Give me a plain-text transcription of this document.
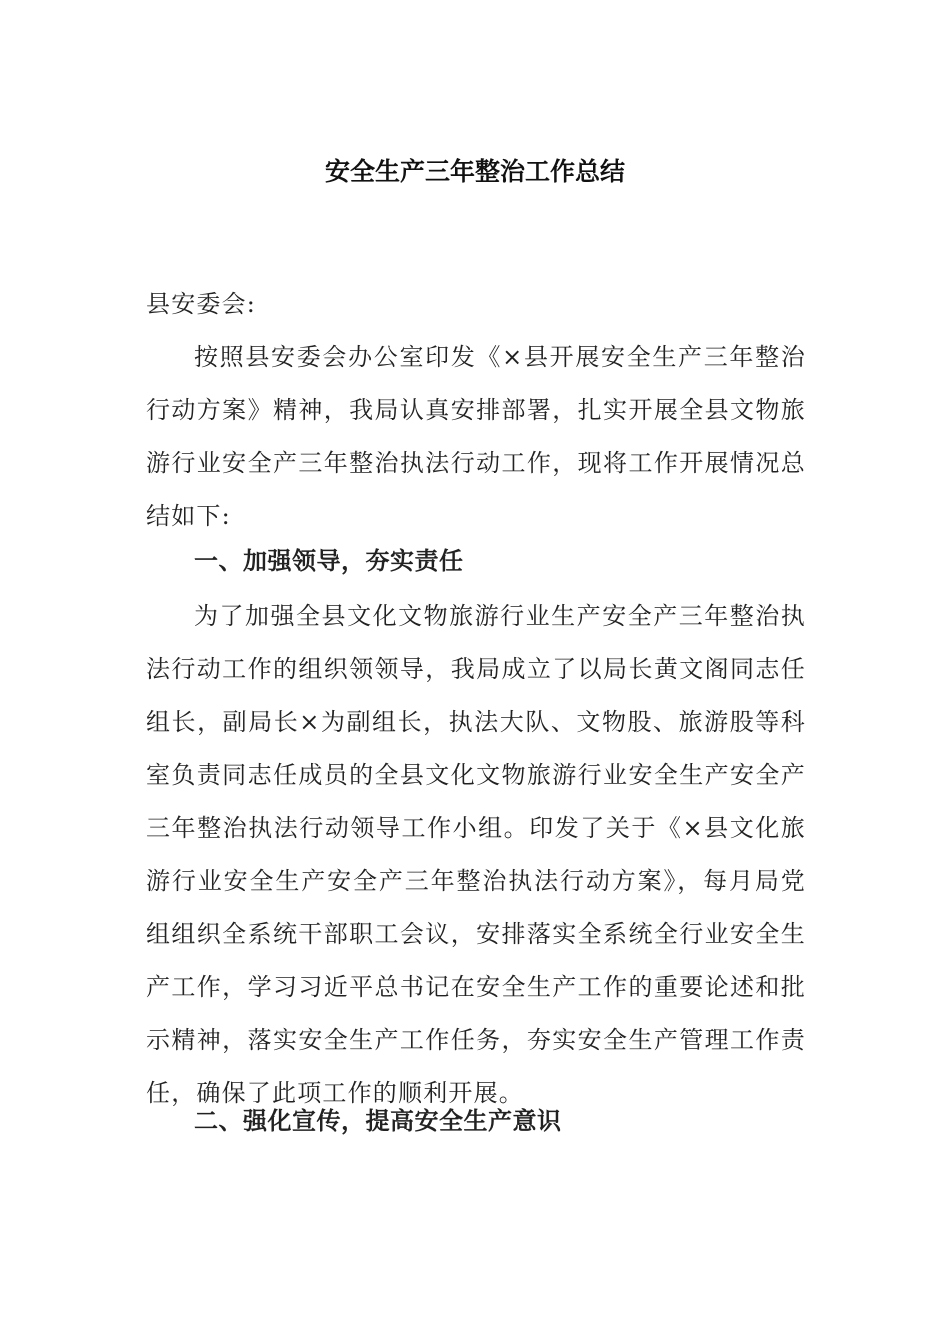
安全生产三年整治工作总结
县安委会:
按照县安委会办公室印发《×县开展安全生产三年整治行动方案》精神，我局认真安排部署，扎实开展全县文物旅游行业安全产三年整治执法行动工作，现将工作开展情况总结如下:
一、加强领导，夯实责任
为了加强全县文化文物旅游行业生产安全产三年整治执法行动工作的组织领领导，我局成立了以局长黄文阁同志任组长，副局长×为副组长，执法大队、文物股、旅游股等科室负责同志任成员的全县文化文物旅游行业安全生产安全产三年整治执法行动领导工作小组。印发了关于《×县文化旅游行业安全生产安全产三年整治执法行动方案》，每月局党组组织全系统干部职工会议，安排落实全系统全行业安全生产工作，学习习近平总书记在安全生产工作的重要论述和批示精神，落实安全生产工作任务，夯实安全生产管理工作责任，确保了此项工作的顺利开展。
二、强化宣传，提高安全生产意识
